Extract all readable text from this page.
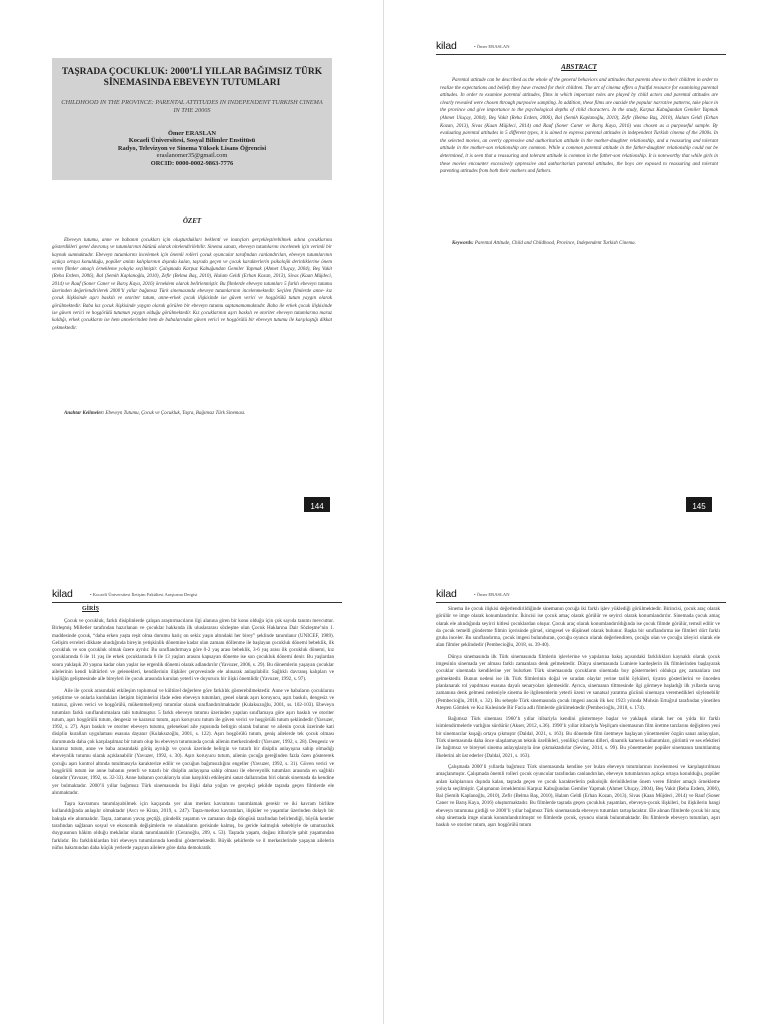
TAŞRADA ÇOCUKLUK: 2000’Lİ YILLAR BAĞIMSIZ TÜRK SİNEMASINDA EBEVEYN TUTUMLARI
CHILDHOOD IN THE PROVINCE: PARENTAL ATTITUDES IN INDEPENDENT TURKISH CINEMA IN THE 2000S
Ömer ERASLAN
Kocaeli Üniversitesi, Sosyal Bilimler Enstitüsü
Radyo, Televizyon ve Sinema Yüksek Lisans Öğrencisi
eraslanomer35@gmail.com
ORCID: 0000-0002-9863-7776
ÖZET

Ebeveyn tutumu, anne ve babanın çocukları için oluşturdukları beklenti ve inançları gerçekleştirebilmek adına çocuklarına gösterdikleri genel davranış ve tutumlarının bütünü olarak nitelendirilebilir. Sinema sanatı, ebeveyn tutumlarını incelemek için verimli bir kaynak sunmaktadır. Ebeveyn tutumlarını incelemek için önemli rolleri çocuk oyuncular tarafından canlandırılan, ebeveyn tutumlarının açıkça ortaya konulduğu, popüler anlatı kalıplarının dışında kalan, taşrada geçen ve çocuk karakterlerin psikolojik derinliklerine önem veren filmler amaçlı örnekleme yoluyla seçilmiştir. Çalışmada Karpuz Kabuğundan Gemiler Yapmak (Ahmet Uluçay, 2004), Beş Vakit (Reha Erdem, 2006), Bal (Semih Kaplanoğlu, 2010), Zefir (Belma Baş, 2010), Halam Geldi (Erhan Kozan, 2013), Sivas (Kaan Müjdeci, 2014) ve Rauf (Soner Caner ve Barış Kaya, 2016) örneklem olarak belirlenmiştir. Bu filmlerde ebeveyn tutumları 5 farklı ebeveyn tutumu üzerinden değerlendirilerek 2000’li yıllar bağımsız Türk sinemasında ebeveyn tutumlarının incelenmektedir. Seçilen filmlerde anne- kız çocuk ilişkisinde aşırı baskılı ve otoriter tutum, anne-erkek çocuk ilişkisinde ise güven verici ve hoşgörülü tutum yaygın olarak görülmektedir. Baba kız çocuk ilişkisinde yaygın olarak görülen bir ebeveyn tutumu saptanamamaktadır. Baba ile erkek çocuk ilişkisinde ise güven verici ve hoşgörülü tutumun yaygın olduğu görülmektedir. Kız çocuklarının aşırı baskılı ve otoriter ebeveyn tutumlarına maruz kaldığı, erkek çocukların ise hem annelerinden hem de babalarından güven verici ve hoşgörülü bir ebeveyn tutumu ile karşılaştığı dikkat çekmektedir.

Anahtar Kelimeler: Ebeveyn Tutumu, Çocuk ve Çocukluk, Taşra, Bağımsız Türk Sineması.
144
kilad	• Ömer ERASLAN
ABSTRACT

Parental attitude can be described as the whole of the general behaviors and attitudes that parents show to their children in order to realize the expectations and beliefs they have created for their children. The art of cinema offers a fruitful resource for examining parental attitudes. In order to examine parental attitudes, films in which important roles are played by child actors and parental attitudes are clearly revealed were chosen through purposive sampling. In addition, these films are outside the popular narrative patterns, take place in the province and give importance to the psychological depths of child characters. In the study, Karpuz Kabuğundan Gemiler Yapmak (Ahmet Uluçay, 2004), Beş Vakit (Reha Erdem, 2006), Bal (Semih Kaplanoğlu, 2010), Zefir (Belma Baş, 2010), Halam Geldi (Erhan Kozan, 2013), Sivas (Kaan Müjdeci, 2014) and Rauf (Soner Caner ve Barış Kaya, 2016) was chosen as a purposeful sample. By evaluating parental attitudes in 5 different types, it is aimed to express parental attitudes in independent Turkish cinema of the 2000s. In the selected movies, an overly oppressive and authoritarian attitude in the mother-daughter relationship, and a reassuring and tolerant attitude in the mother-son relationship are common. While a common parental attitude in the father-daughter relationship could not be determined, it is seen that a reassuring and tolerant attitude is common in the father-son relationship. It is noteworthy that while girls in these movies encounter excessively oppressive and authoritarian parental attitudes, the boys are exposed to reassuring and tolerant parenting attitudes from both their mothers and fathers.

Keywords: Parental Attitude, Child and Childhood, Province, Independent Turkish Cinema.
145
kilad	• Kocaeli Üniversitesi İletişim Fakültesi Araştırma Dergisi
GİRİŞ

Çocuk ve çocukluk, farklı disiplinlerde çalışan araştırmacıların ilgi alanına giren bir konu olduğu için çok sayıda tanımı mevcuttur. Birleşmiş Milletler tarafından hazırlanan ve çocuklar hakkında ilk uluslararası sözleşme olan Çocuk Haklarına Dair Sözleşme’nin 1. maddesinde çocuk, “daha erken yaşta reşit olma durumu hariç on sekiz yaşın altındaki her birey” şeklinde tanımlanır (UNICEF, 1989). Gelişim evreleri dikkate alındığında bireyin yetişkinlik dönemine kadar olan zamanı döllenme ile başlayan çocukluk dönemi bebeklik, ilk çocukluk ve son çocukluk olmak üzere ayrılır. Bu sınıflandırmaya göre 0-2 yaş arası bebeklik, 3-6 yaş arası ilk çocukluk dönemi, kız çocuklarında 6 ile 11 yaş ile erkek çocuklarında 6 ile 13 yaşları arasını kapsayan döneme ise son çocukluk dönemi denir. Bu yaşlardan sonra yaklaşık 20 yaşına kadar olan yaşlar ise ergenlik dönemi olarak adlandırılır (Yavuzer, 2006, s. 29). Bu dönemlerin yaşayan çocuklar ailelerinin kendi kültürleri ve gelenekleri, kendilerinin ilişkiler çerçevesinde ele alınarak anlaşılabilir. Sağlıklı davranış kalıpları ve kişiliğin gelişmesinde aile bireyleri ile çocuk arasında kurulan yeterli ve doyurucu bir ilişki önemlidir (Yavuzer, 1992, s. 97).

Aile ile çocuk arasındaki etkileşim toplumsal ve kültürel değerlere göre farklılık gösterebilmektedir. Anne ve babaların çocuklarını yetiştirme ve onlarla kurdukları iletişim biçimlerini ifade eden ebeveyn tutumları, genel olarak aşırı koruyucu, aşırı baskılı, dengesiz ve tutarsız, güven verici ve hoşgörülü, mükemmeliyetçi tutumlar olarak sınıflandırılmaktadır (Kulaksızoğlu, 2001, ss. 102-103). Ebeveyn tutumları farklı sınıflandırmalara tabi tutulmuştur. 5 farklı ebeveyn tutumu üzerinden yapılan sınıflamaya göre aşırı baskılı ve otoriter tutum, aşırı hoşgörülü tutum, dengesiz ve kararsız tutum, aşırı koruyucu tutum ile güven verici ve hoşgörülü tutum şeklindedir (Yavuzer, 1992, s. 27). Aşırı baskılı ve otoriter ebeveyn tutumu, geleneksel aile yapısında belirgin olarak bulunur ve ailenin çocuk üzerinde kati disiplin kuralları uygulaması esasına dayanır (Kulaksızoğlu, 2001, s. 122). Aşırı hoşgörülü tutum, geniş ailelerde tek çocuk olması durumunda daha çok karşılaşılmaz bir tutum olup bu ebeveyn tutumunda çocuk ailenin merkezindedir (Yavuzer, 1992, s. 28). Dengesiz ve kararsız tutum, anne ve baba arasındaki görüş ayrılığı ve çocuk üzerinde belirgin ve tutarlı bir disiplin anlayışına sahip olmadığı ebeveynlik tutumu olarak açıklanabilir (Yavuzer, 1992, s. 30). Aşırı koruyucu tutum, ailenin çocuğa gereğinden fazla özen göstererek çocuğu aşırı kontrol altında tutulmasıyla karakterize edilir ve çocuğun bağımsızlığını engeller (Yavuzer, 1992, s. 31). Güven verici ve hoşgörülü tutum ise anne babanın yeterli ve tutarlı bir disiplin anlayışına sahip olması ile ebeveynlik tutumları arasında en sağlıklı olanıdır (Yavuzer, 1992, ss. 32-33). Anne babanın çocuklarıyla olan karşılıklı etkileşimi sanat dallarından biri olarak sinemada da kendine yer bulmaktadır. 2000’li yıllar bağımsız Türk sinemasında bu ilişki daha yoğun ve gerçekçi şekilde taşrada geçen filmlerde ele alınmaktadır.

Taşra kavramını tanımlayabilmek için kaçışında yer alan merkez kavramını tanımlamak gerekir ve iki kavram birlikte kullanıldığında anlaşılır olmaktadır (Avcı ve Kiran, 2019, s. 247). Taşra-merkez kavramları, ilişkiler ve yaşamlar üzerinden dolaylı bir bakışla ele alınmalıdır. Taşra, zamanın yavaş geçtiği, gündelik yaşamın ve zamanın doğa döngüsü tarafından belirlendiği, büyük kentler tarafından sağlanan sosyal ve ekonomik değişimlerin ve olanakların gerisinde kalmış, bu geride kalmışlık sebebiyle de umutsuzluk duygusunun hâkim olduğu mekânlar olarak tanımlanabilir (Ceranoğlu, 209, s. 53). Taşrada yaşam, doğası itibariyle şahit yaşamından farklıdır. Bu farklılıklardan biri ebeveyn tutumlarında kendini göstermektedir. Büyük şehirlerde ve il merkezlerinde yaşayan ailelerin nüfus bakımından daha küçük yerlerde yaşayan ailelere göre daha demokratik

kilad	• Ömer ERASLAN

Sinema ile çocuk ilişkisi değerlendirildiğinde sinemanın çocuğa iki farklı işlev yüklediği görülmektedir. Birincisi, çocuk araç olarak görülür ve imge olarak konumlandırılır. İkincisi ise çocuk amaç olarak görülür ve seyirci olarak konumlandırılır. Sinemada çocuk amaç olarak ele alındığında seyirci kitlesi çocuklardan oluşur. Çocuk araç olarak konumlandırıldığında ise çocuk filmde görülür, temsil edilir ve da çocuk temelli gönderme filmin içerisinde görsel, simgesel ve düşünsel olarak bulunur. Başka bir sınıflandırma ise filmleri dört farklı gruba inceler. Bu sınıflandırma, çocuk imgesi bulunduran, çocuğu oyuncu olarak değerlendiren, çocuğu olan ve çocuğu izleyici olarak ele alan filmler şeklindedir (Pembecioğlu, 2018, ss. 39-40).

Dünya sinemasında ilk Türk sinemasında filmlerin işlevlerine ve yapılarına bakış açısındaki farklılıkları kaynaklı olarak çocuk imgesinin sinemada yer alması farklı zamanlara denk gelmektedir. Dünya sinemasında Lumiere kardeşlerin ilk filmlerinden başlayarak çocuklar sinemada kendilerine yer bulurken Türk sinemasında çocukların sinemada boy göstermeleri oldukça geç zamanlara rast gelmektedir. Bunun nedeni ise ilk Türk filmlerinin doğal ve sıradan olaylar yerine tarihi öyküleri, tiyatro gösterilerini ve önceden planlanarak rol yapılması esasına dayalı senaryoları işlemesidir. Ayrıca, sinemanın tiltmesinde ilgi görmeye başladığı ilk yıllarda savaş zamanına denk gelmesi nedeniyle sinema ile ilgilenenlerin yeterli özeni ve sanatsal yaratma gücünü sinemaya veremedikleri söylenebilir (Pembecioğlu, 2018, s. 32). Bu sebeple Türk sinemasında çocuk imgesi ancak ilk kez 1923 yılında Muhsin Ertuğrul tarafından yönetilen Ateşten Gömlek ve Kız Kulesinde Bir Facia adlı filmlerde görülmektedir (Pembecioğlu, 2018, s. 174).

Bağımsız Türk sineması 1960’lı yıllar itibariyla kendini göstermeye başlar ve yaklaşık olarak her on yılda bir farklı isimlendirmelerle varlığını sürdürür (Akser, 2012, s.36). 1990’lı yıllar itibariyla Yeşilçam sinemasının film üretme tarzlarını değiştiren yeni bir sinemacılar kuşağı ortaya çıkmıştır (Daldal, 2021, s. 163). Bu dönemde film üretmeye başlayan yönetmenler özgün sanat anlayışları, Türk sinemasında daha önce ulaşılamayan teknik özellikleri, yenilikçi sinema dilleri, dinamik kamera kullanımları, görüntü ve ses efektleri ile bağımsız ve bireysel sinema anlayışlarıyla öne çıkmaktadırlar (Sevinç, 2014, s. 99). Bu yönetmenler popüler sinemanın tanımlanmış ilkelerini alt üst ederler (Daldal, 2021, s. 163).

Çalışmada 2000’li yıllarda bağımsız Türk sinemasında kendine yer bulan ebeveyn tutumlarının incelenmesi ve karşılaştırılması amaçlanmıştır. Çalışmada önemli rolleri çocuk oyuncular tarafından canlandırılan, ebeveyn tutumlarının açıkça ortaya konulduğu, popüler anlatı kalıplarının dışında kalan, taşrada geçen ve çocuk karakterlerin psikolojik derinliklerine önem veren filmler amaçlı örnekleme yoluyla seçilmiştir. Çalışmanın örneklemini Karpuz Kabuğundan Gemiler Yapmak (Ahmet Uluçay, 2004), Beş Vakit (Reha Erdem, 2006), Bal (Semih Kaplanoğlu, 2010), Zefir (Belma Baş, 2010), Halam Geldi (Erhan Kozan, 2013), Sivas (Kaan Müjdeci, 2014) ve Rauf (Soner Caner ve Barış Kaya, 2016) oluşturmaktadır. Bu filmlerde taşrada geçen çocukluk yaşamları, ebeveyn-çocuk ilişkileri, bu ilişkilerin hangi ebeveyn tutumuna girdiği ve 2000’li yıllar bağımsız Türk sinemasında ebeveyn tutumları tartışılacaktır. Ele alınan filmlerde çocuk bir araç olup sinemada imge olarak konumlandırılmıştır ve filmlerde çocuk, oyuncu olarak bulunmaktadır. Bu filmlerde ebeveyn tutumları, aşırı baskılı ve otoriter tutum, aşırı hoşgörülü tutum
